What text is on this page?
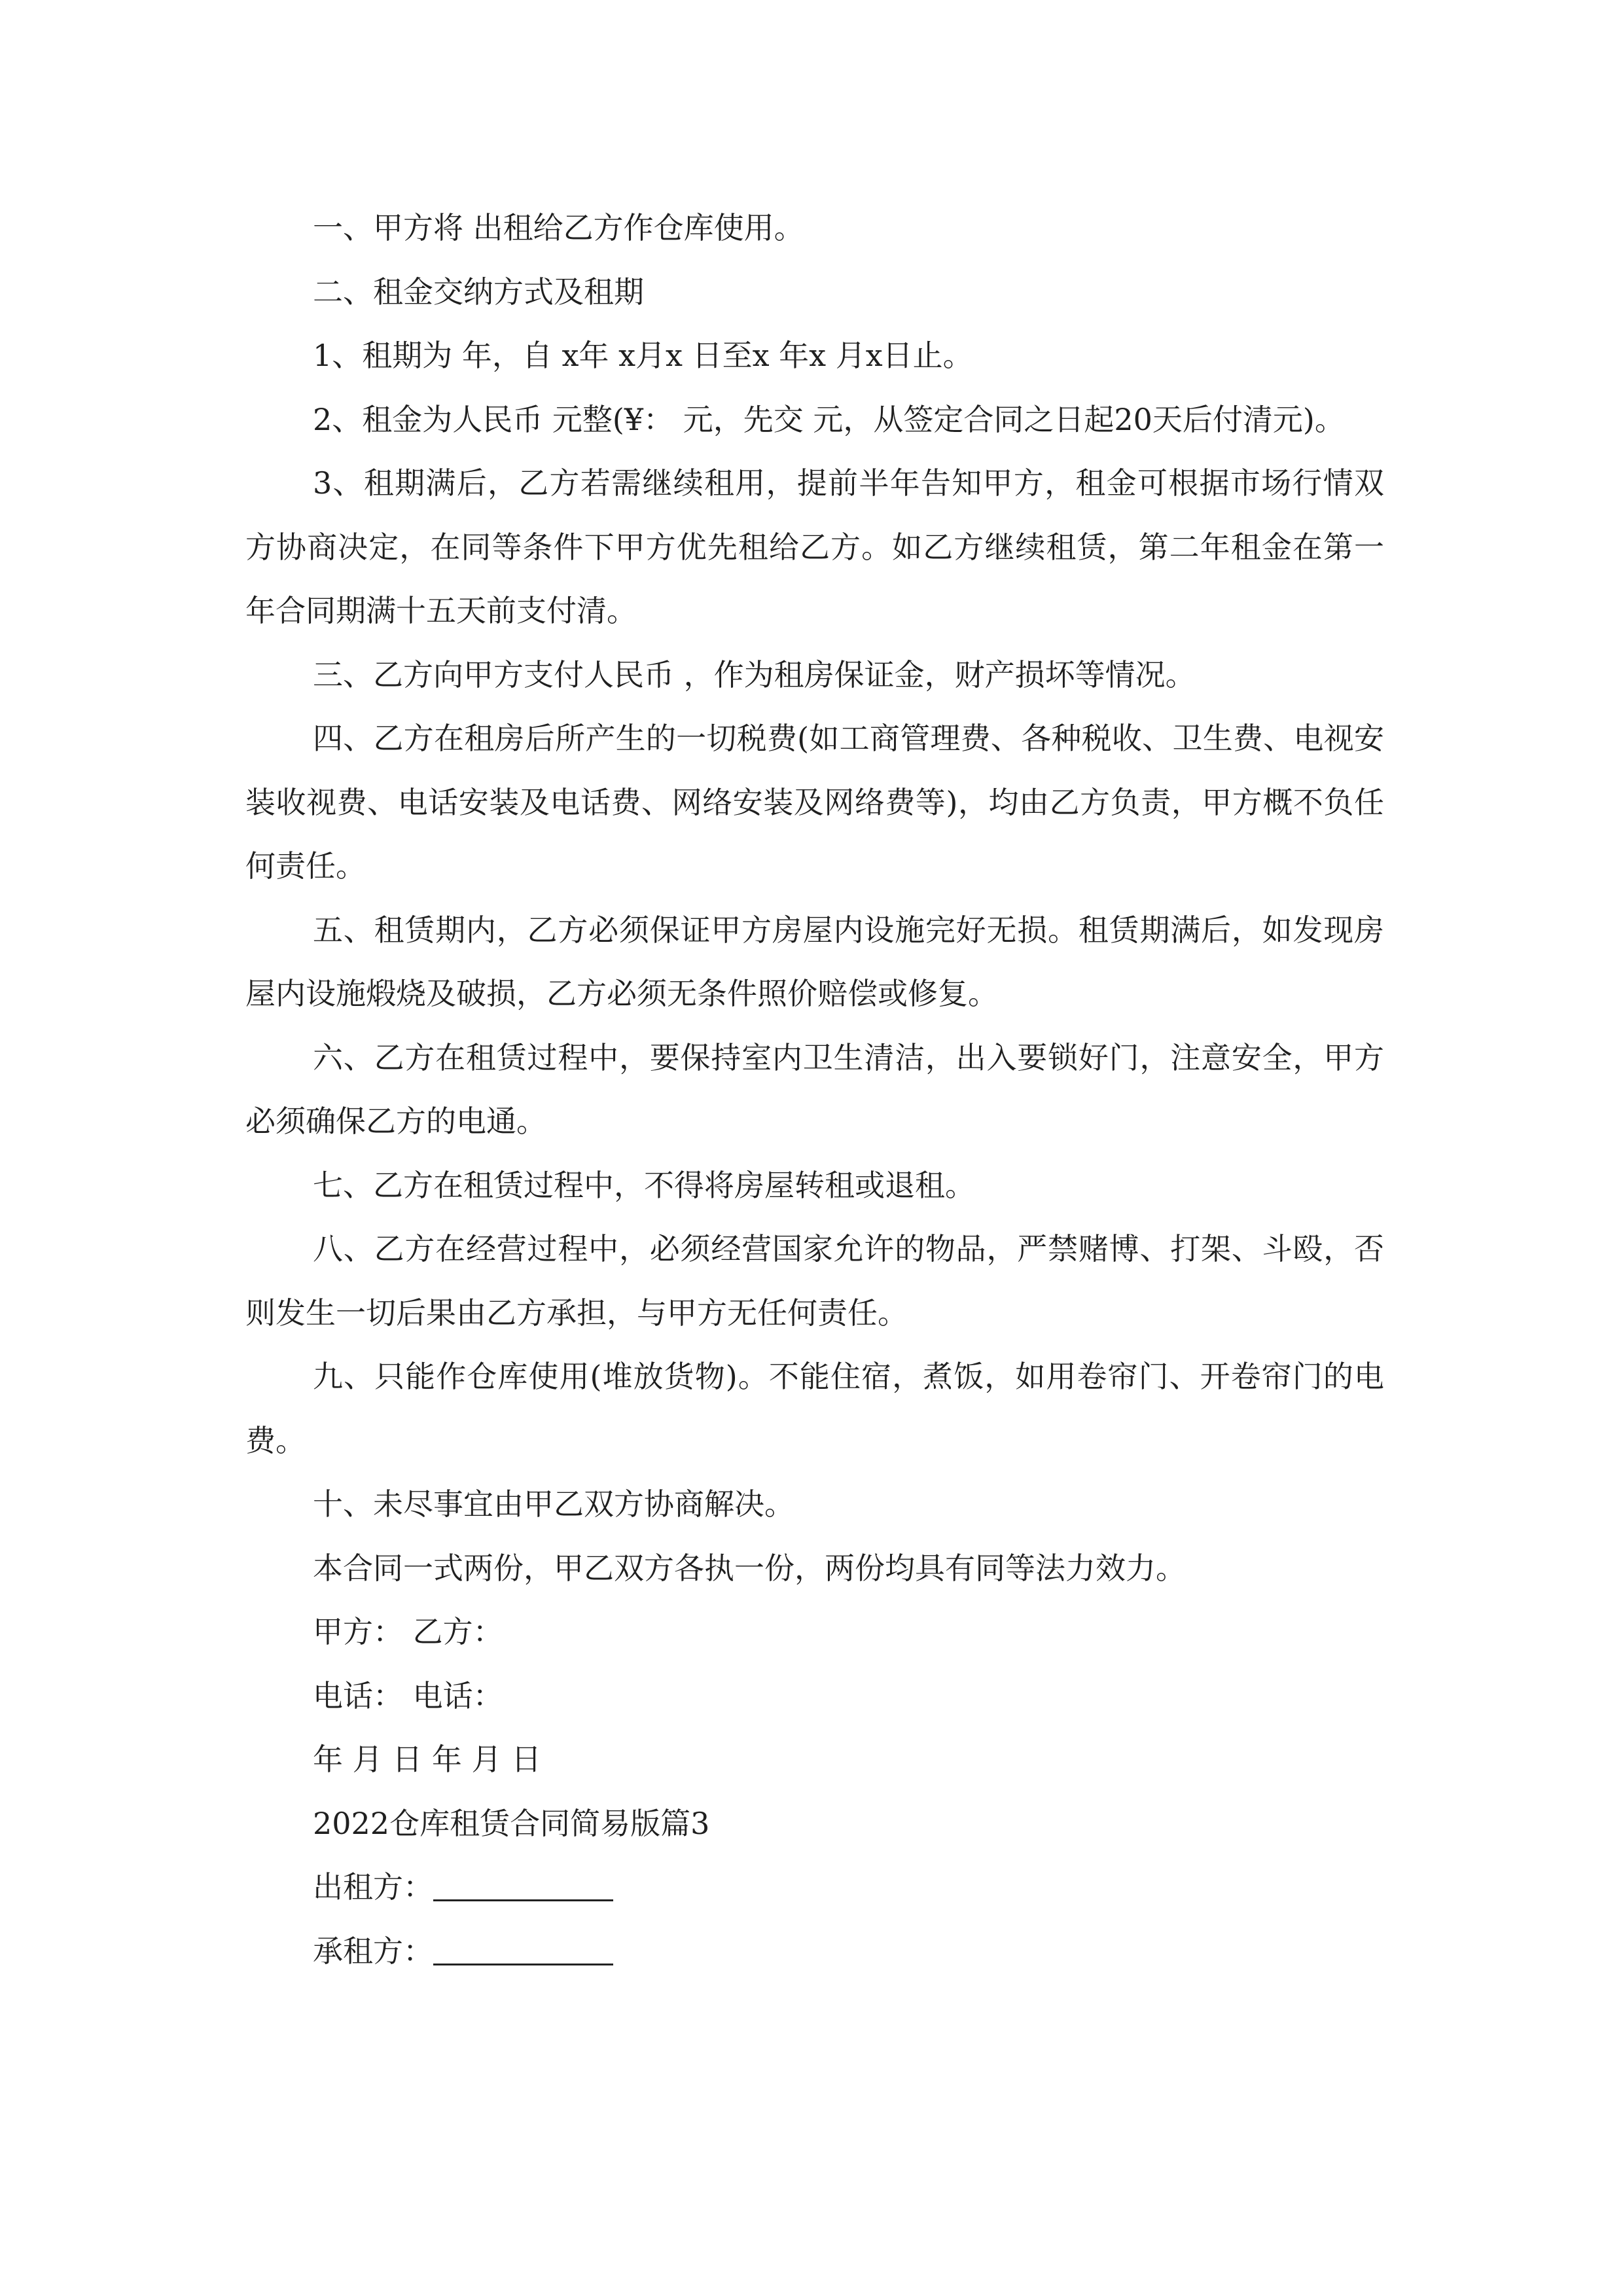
一、甲方将 出租给乙方作仓库使用。

二、租金交纳方式及租期

1、租期为 年，自 x年 x月x 日至x 年x 月x日止。

2、租金为人民币 元整(¥： 元，先交 元，从签定合同之日起20天后付清元)。

3、租期满后，乙方若需继续租用，提前半年告知甲方，租金可根据市场行情双方协商决定，在同等条件下甲方优先租给乙方。如乙方继续租赁，第二年租金在第一年合同期满十五天前支付清。

三、乙方向甲方支付人民币 ，作为租房保证金，财产损坏等情况。

四、乙方在租房后所产生的一切税费(如工商管理费、各种税收、卫生费、电视安装收视费、电话安装及电话费、网络安装及网络费等)，均由乙方负责，甲方概不负任何责任。

五、租赁期内，乙方必须保证甲方房屋内设施完好无损。租赁期满后，如发现房屋内设施煅烧及破损，乙方必须无条件照价赔偿或修复。

六、乙方在租赁过程中，要保持室内卫生清洁，出入要锁好门，注意安全，甲方必须确保乙方的电通。

七、乙方在租赁过程中，不得将房屋转租或退租。

八、乙方在经营过程中，必须经营国家允许的物品，严禁赌博、打架、斗殴，否则发生一切后果由乙方承担，与甲方无任何责任。

九、只能作仓库使用(堆放货物)。不能住宿，煮饭，如用卷帘门、开卷帘门的电费。

十、未尽事宜由甲乙双方协商解决。

本合同一式两份，甲乙双方各执一份，两份均具有同等法力效力。

甲方： 乙方：

电话： 电话：

年 月 日 年 月 日

2022仓库租赁合同简易版篇3

出租方：

承租方：
